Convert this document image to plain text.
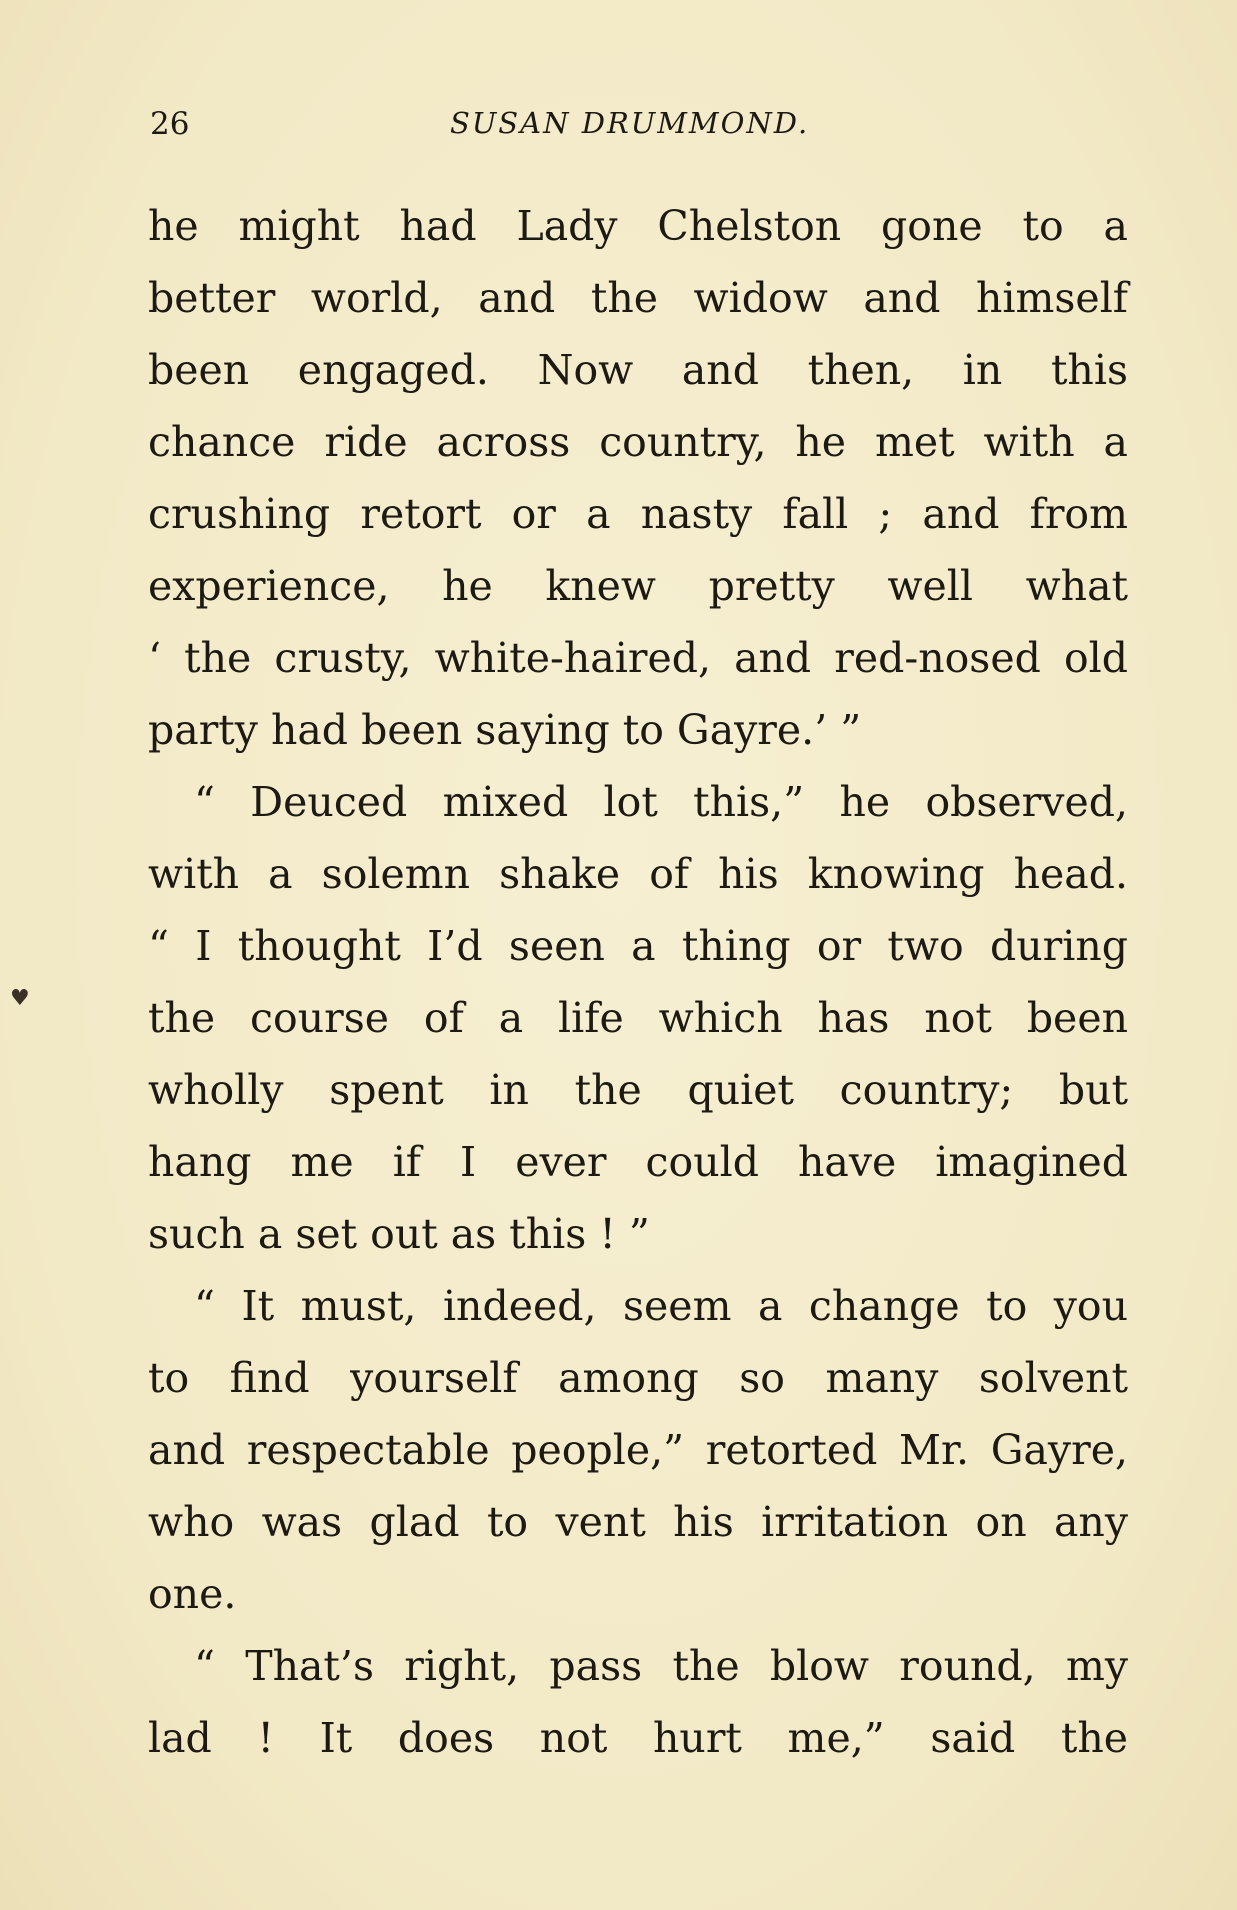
26	SUSAN DRUMMOND.
♥
he might had Lady Chelston gone to a
better world, and the widow and himself
been engaged. Now and then, in this
chance ride across country, he met with a
crushing retort or a nasty fall ; and from
experience, he knew pretty well what
‘ the crusty, white-haired, and red-nosed old
party had been saying to Gayre.’ ”
“ Deuced mixed lot this,” he observed,
with a solemn shake of his knowing head.
“ I thought I’d seen a thing or two during
the course of a life which has not been
wholly spent in the quiet country; but
hang me if I ever could have imagined
such a set out as this ! ”
“ It must, indeed, seem a change to you
to find yourself among so many solvent
and respectable people,” retorted Mr. Gayre,
who was glad to vent his irritation on any
one.
“ That’s right, pass the blow round, my
lad ! It does not hurt me,” said the
